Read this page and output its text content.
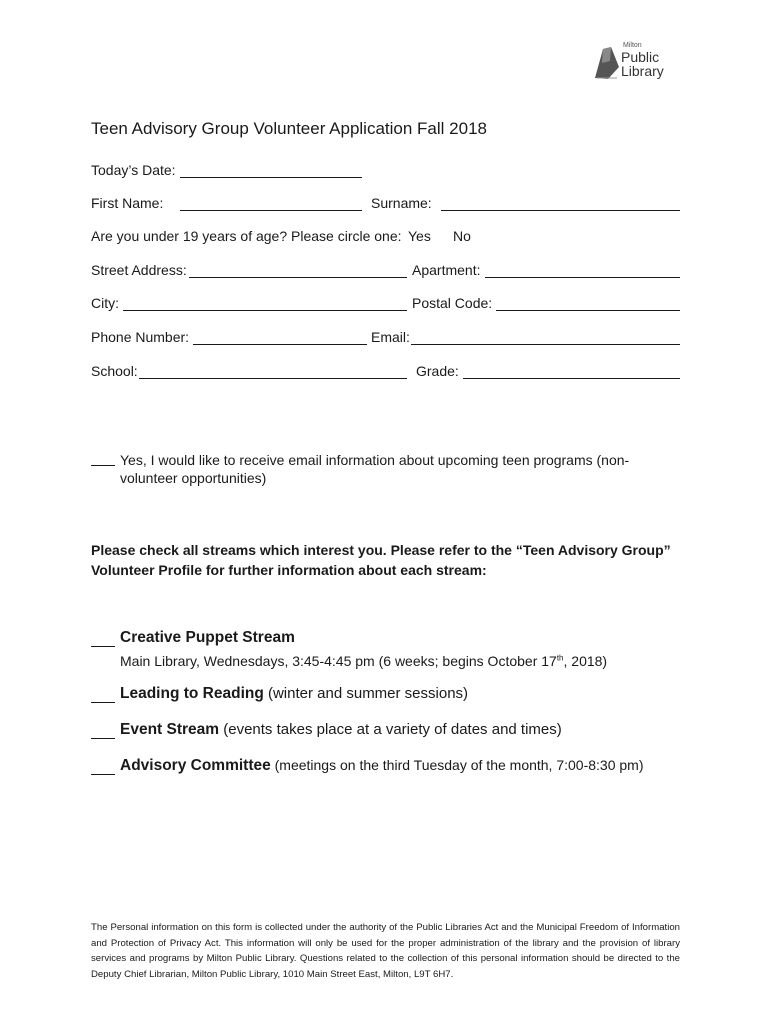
Milton
Public
Library
Teen Advisory Group Volunteer Application Fall 2018
Today’s Date:
First Name:	Surname:
Are you under 19 years of age? Please circle one: Yes No
Street Address:	Apartment:
City:	Postal Code:
Phone Number:	Email:
School:	Grade:
Yes, I would like to receive email information about upcoming teen programs (non-volunteer opportunities)
Please check all streams which interest you. Please refer to the “Teen Advisory Group” Volunteer Profile for further information about each stream:
Creative Puppet Stream
Main Library, Wednesdays, 3:45-4:45 pm (6 weeks; begins October 17th, 2018)
Leading to Reading (winter and summer sessions)
Event Stream (events takes place at a variety of dates and times)
Advisory Committee (meetings on the third Tuesday of the month, 7:00-8:30 pm)
The Personal information on this form is collected under the authority of the Public Libraries Act and the Municipal Freedom of Information and Protection of Privacy Act. This information will only be used for the proper administration of the library and the provision of library services and programs by Milton Public Library. Questions related to the collection of this personal information should be directed to the Deputy Chief Librarian, Milton Public Library, 1010 Main Street East, Milton, L9T 6H7.
